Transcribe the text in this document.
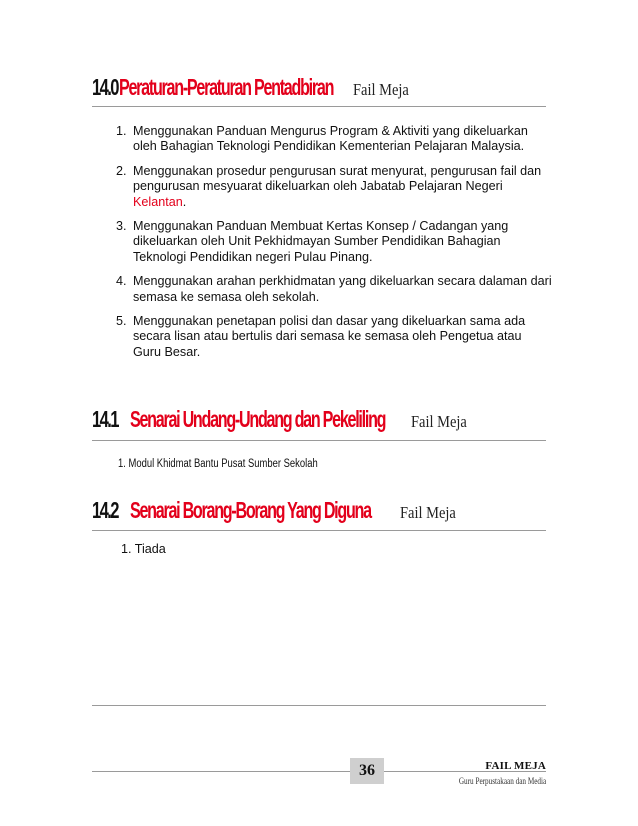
14.0 Peraturan-Peraturan Pentadbiran Fail Meja
1. Menggunakan Panduan Mengurus Program & Aktiviti yang dikeluarkan oleh Bahagian Teknologi Pendidikan Kementerian Pelajaran Malaysia.
2. Menggunakan prosedur pengurusan surat menyurat, pengurusan fail dan pengurusan mesyuarat dikeluarkan oleh Jabatab Pelajaran Negeri Kelantan.
3. Menggunakan Panduan Membuat Kertas Konsep / Cadangan yang dikeluarkan oleh Unit Pekhidmayan Sumber Pendidikan Bahagian Teknologi Pendidikan negeri Pulau Pinang.
4. Menggunakan arahan perkhidmatan yang dikeluarkan secara dalaman dari semasa ke semasa oleh sekolah.
5. Menggunakan penetapan polisi dan dasar yang dikeluarkan sama ada secara lisan atau bertulis dari semasa ke semasa oleh Pengetua atau Guru Besar.
14.1 Senarai Undang-Undang dan Pekeliling Fail Meja
1. Modul Khidmat Bantu Pusat Sumber Sekolah
14.2 Senarai Borang-Borang Yang Diguna Fail Meja
1. Tiada
36	FAIL MEJA
Guru Perpustakaan dan Media
